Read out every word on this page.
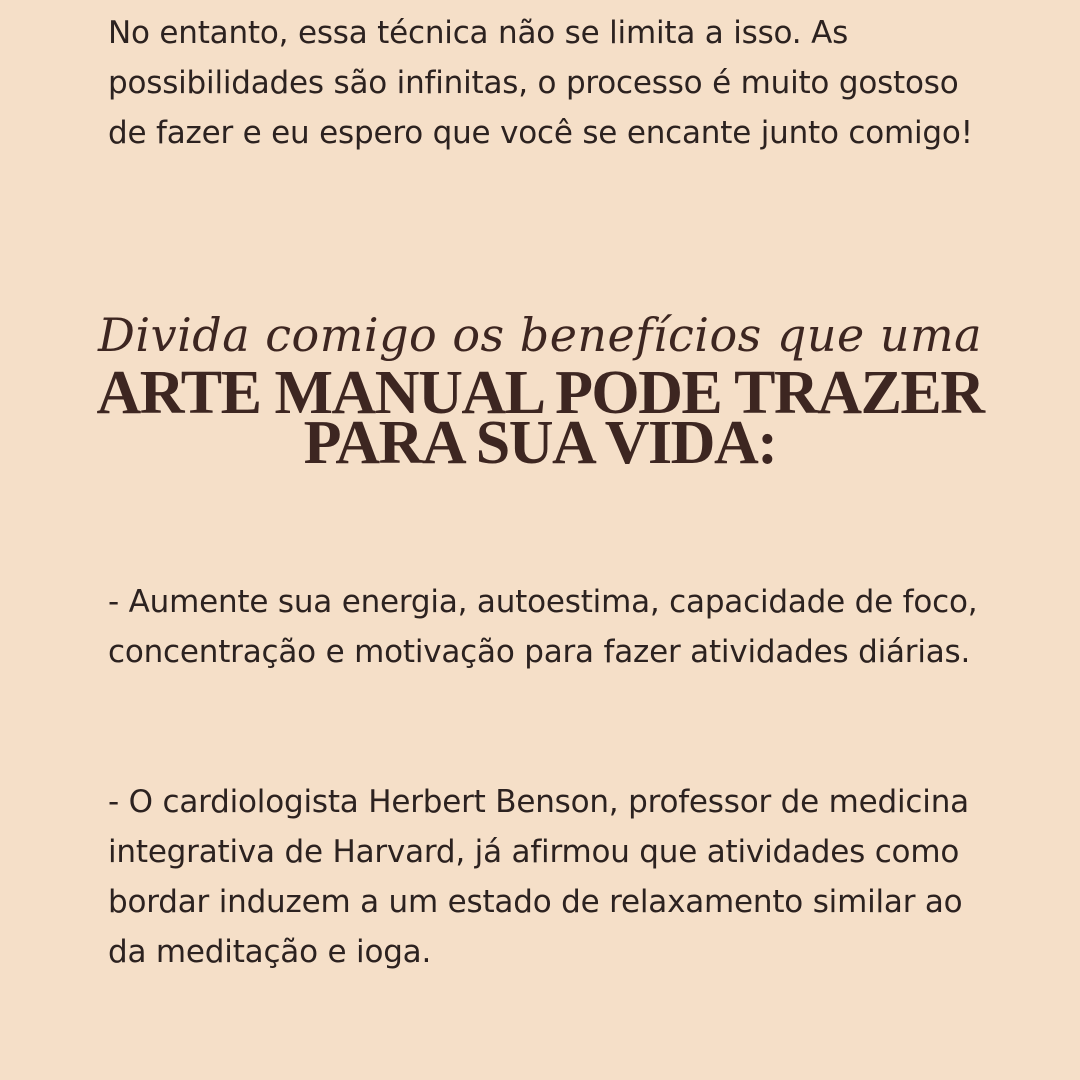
No entanto, essa técnica não se limita a isso. As possibilidades são infinitas, o processo é muito gostoso de fazer e eu espero que você se encante junto comigo!

Divida comigo os benefícios que uma
ARTE MANUAL PODE TRAZER
PARA SUA VIDA:

- Aumente sua energia, autoestima, capacidade de foco, concentração e motivação para fazer atividades diárias.

- O cardiologista Herbert Benson, professor de medicina integrativa de Harvard, já afirmou que atividades como bordar induzem a um estado de relaxamento similar ao da meditação e ioga.
